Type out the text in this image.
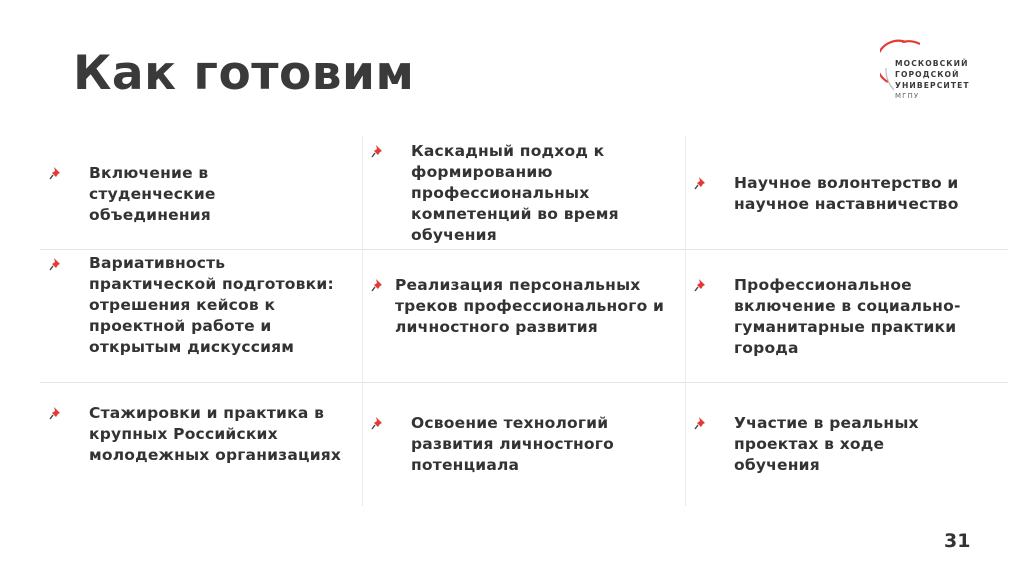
Как готовим	МОСКОВСКИЙ
ГОРОДСКОЙ
УНИВЕРСИТЕТ
МГПУ
Включение в студенческие объединения
Каскадный подход к формированию профессиональных компетенций во время обучения
Научное волонтерство и научное наставничество
Вариативность практической подготовки: отрешения кейсов к проектной работе и открытым дискуссиям
Реализация персональных треков профессионального и личностного развития
Профессиональное включение в социально-гуманитарные практики города
Стажировки и практика в крупных Российских молодежных организациях
Освоение технологий развития личностного потенциала
Участие в реальных проектах в ходе обучения

31
